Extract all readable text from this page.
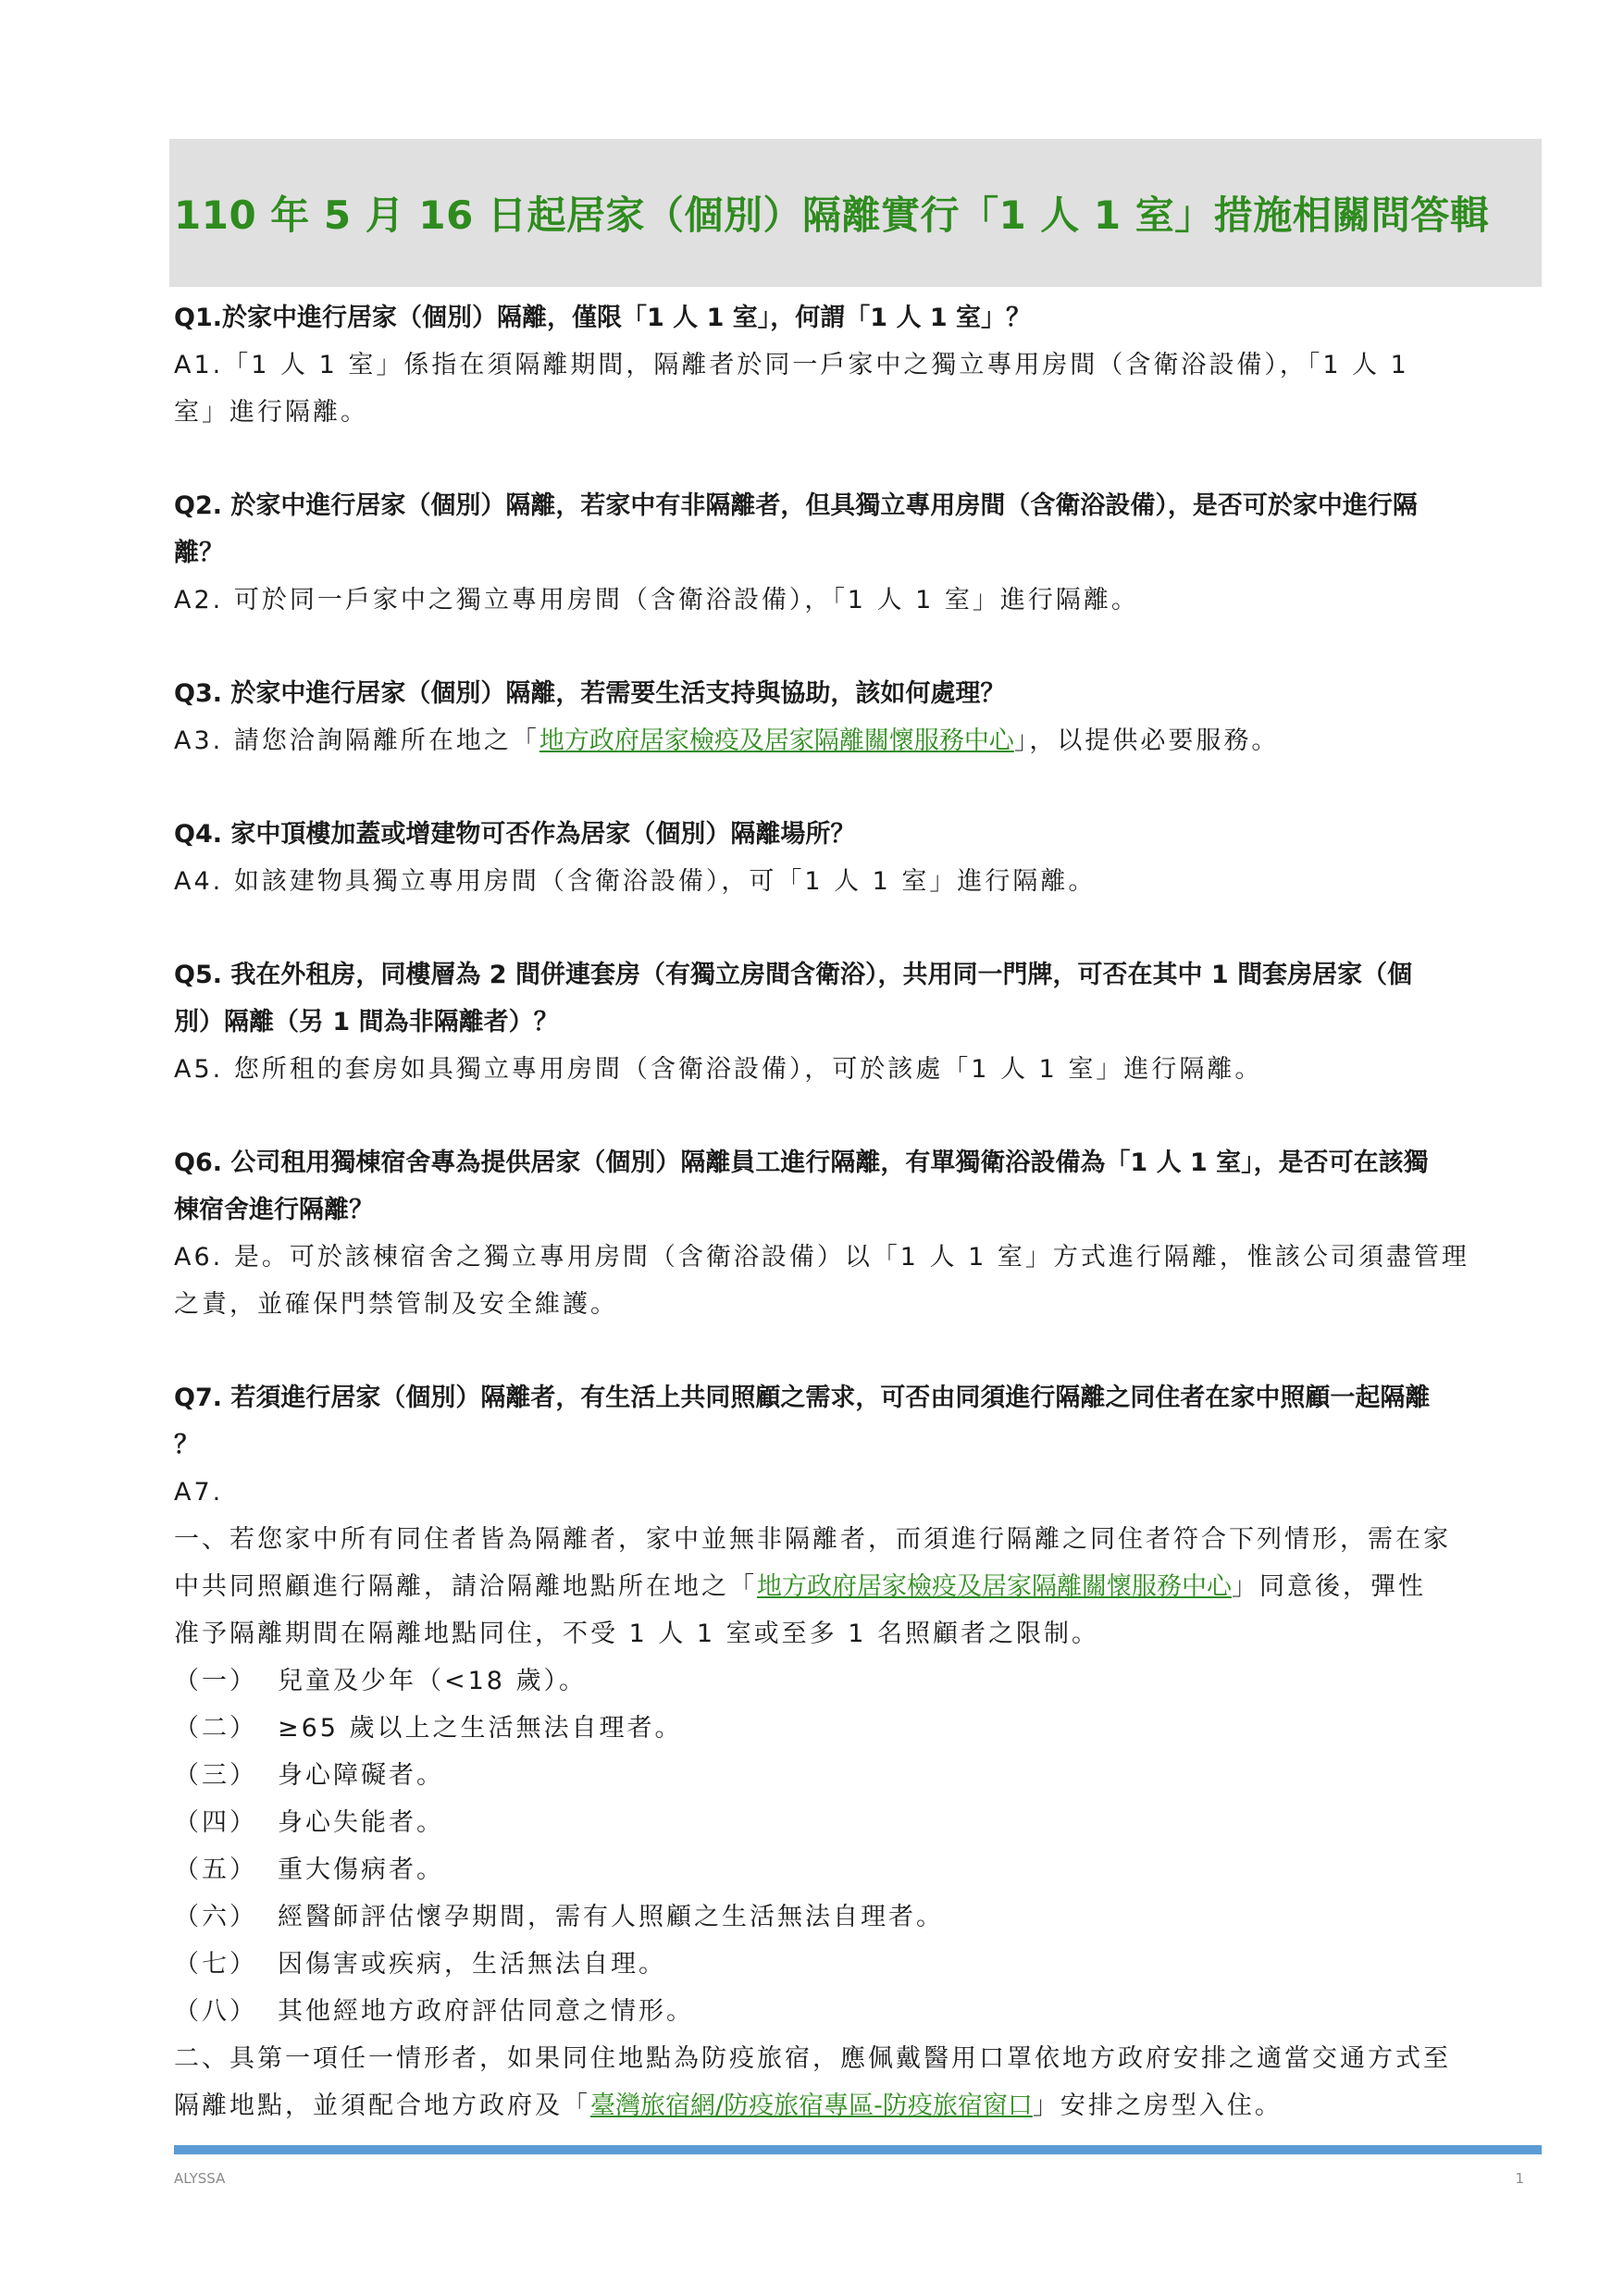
110 年 5 月 16 日起居家（個別）隔離實行「1 人 1 室」措施相關問答輯

Q1.於家中進行居家（個別）隔離，僅限「1 人 1 室」，何謂「1 人 1 室」？

A1.「1 人 1 室」係指在須隔離期間，隔離者於同一戶家中之獨立專用房間（含衛浴設備），「1 人 1

室」進行隔離。

Q2. 於家中進行居家（個別）隔離，若家中有非隔離者，但具獨立專用房間（含衛浴設備），是否可於家中進行隔

離？

A2. 可於同一戶家中之獨立專用房間（含衛浴設備），「1 人 1 室」進行隔離。

Q3. 於家中進行居家（個別）隔離，若需要生活支持與協助，該如何處理？

A3. 請您洽詢隔離所在地之「地方政府居家檢疫及居家隔離關懷服務中心」，以提供必要服務。

Q4. 家中頂樓加蓋或增建物可否作為居家（個別）隔離場所？

A4. 如該建物具獨立專用房間（含衛浴設備），可「1 人 1 室」進行隔離。

Q5. 我在外租房，同樓層為 2 間併連套房（有獨立房間含衛浴），共用同一門牌，可否在其中 1 間套房居家（個

別）隔離（另 1 間為非隔離者）？

A5. 您所租的套房如具獨立專用房間（含衛浴設備），可於該處「1 人 1 室」進行隔離。

Q6. 公司租用獨棟宿舍專為提供居家（個別）隔離員工進行隔離，有單獨衛浴設備為「1 人 1 室」，是否可在該獨

棟宿舍進行隔離？

A6. 是。可於該棟宿舍之獨立專用房間（含衛浴設備）以「1 人 1 室」方式進行隔離，惟該公司須盡管理

之責，並確保門禁管制及安全維護。

Q7. 若須進行居家（個別）隔離者，有生活上共同照顧之需求，可否由同須進行隔離之同住者在家中照顧一起隔離

？

A7.

一、若您家中所有同住者皆為隔離者，家中並無非隔離者，而須進行隔離之同住者符合下列情形，需在家

中共同照顧進行隔離，請洽隔離地點所在地之「地方政府居家檢疫及居家隔離關懷服務中心」同意後，彈性

准予隔離期間在隔離地點同住，不受 1 人 1 室或至多 1 名照顧者之限制。

（一） 兒童及少年（<18 歲）。
（二） ≥65 歲以上之生活無法自理者。
（三） 身心障礙者。
（四） 身心失能者。
（五） 重大傷病者。
（六） 經醫師評估懷孕期間，需有人照顧之生活無法自理者。
（七） 因傷害或疾病，生活無法自理。
（八） 其他經地方政府評估同意之情形。

二、具第一項任一情形者，如果同住地點為防疫旅宿，應佩戴醫用口罩依地方政府安排之適當交通方式至

隔離地點，並須配合地方政府及「臺灣旅宿網/防疫旅宿專區-防疫旅宿窗口」安排之房型入住。

ALYSSA	1
